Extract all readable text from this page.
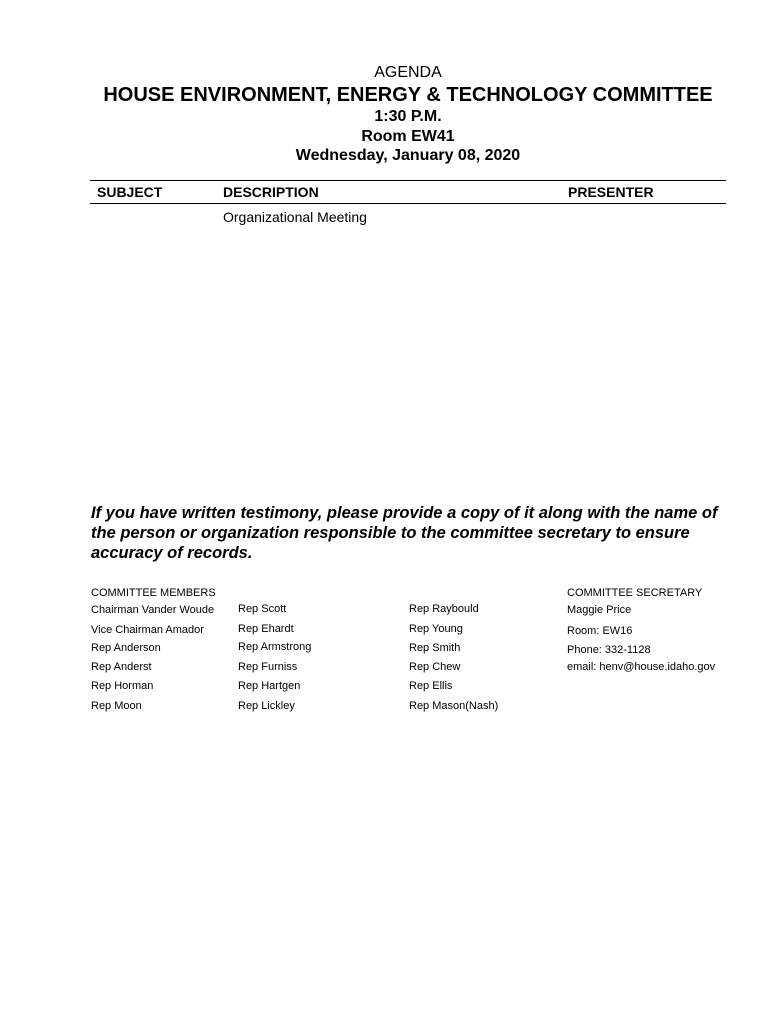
AGENDA
HOUSE ENVIRONMENT, ENERGY & TECHNOLOGY COMMITTEE
1:30 P.M.
Room EW41
Wednesday, January 08, 2020
SUBJECT	DESCRIPTION	PRESENTER
Organizational Meeting
If you have written testimony, please provide a copy of it along with the name of the person or organization responsible to the committee secretary to ensure accuracy of records.
COMMITTEE MEMBERS	COMMITTEE SECRETARY
Chairman Vander Woude
Vice Chairman Amador
Rep Anderson
Rep Anderst
Rep Horman
Rep Moon
Rep Scott
Rep Ehardt
Rep Armstrong
Rep Furniss
Rep Hartgen
Rep Lickley
Rep Raybould
Rep Young
Rep Smith
Rep Chew
Rep Ellis
Rep Mason(Nash)
Maggie Price
Room: EW16
Phone: 332-1128
email: henv@house.idaho.gov
